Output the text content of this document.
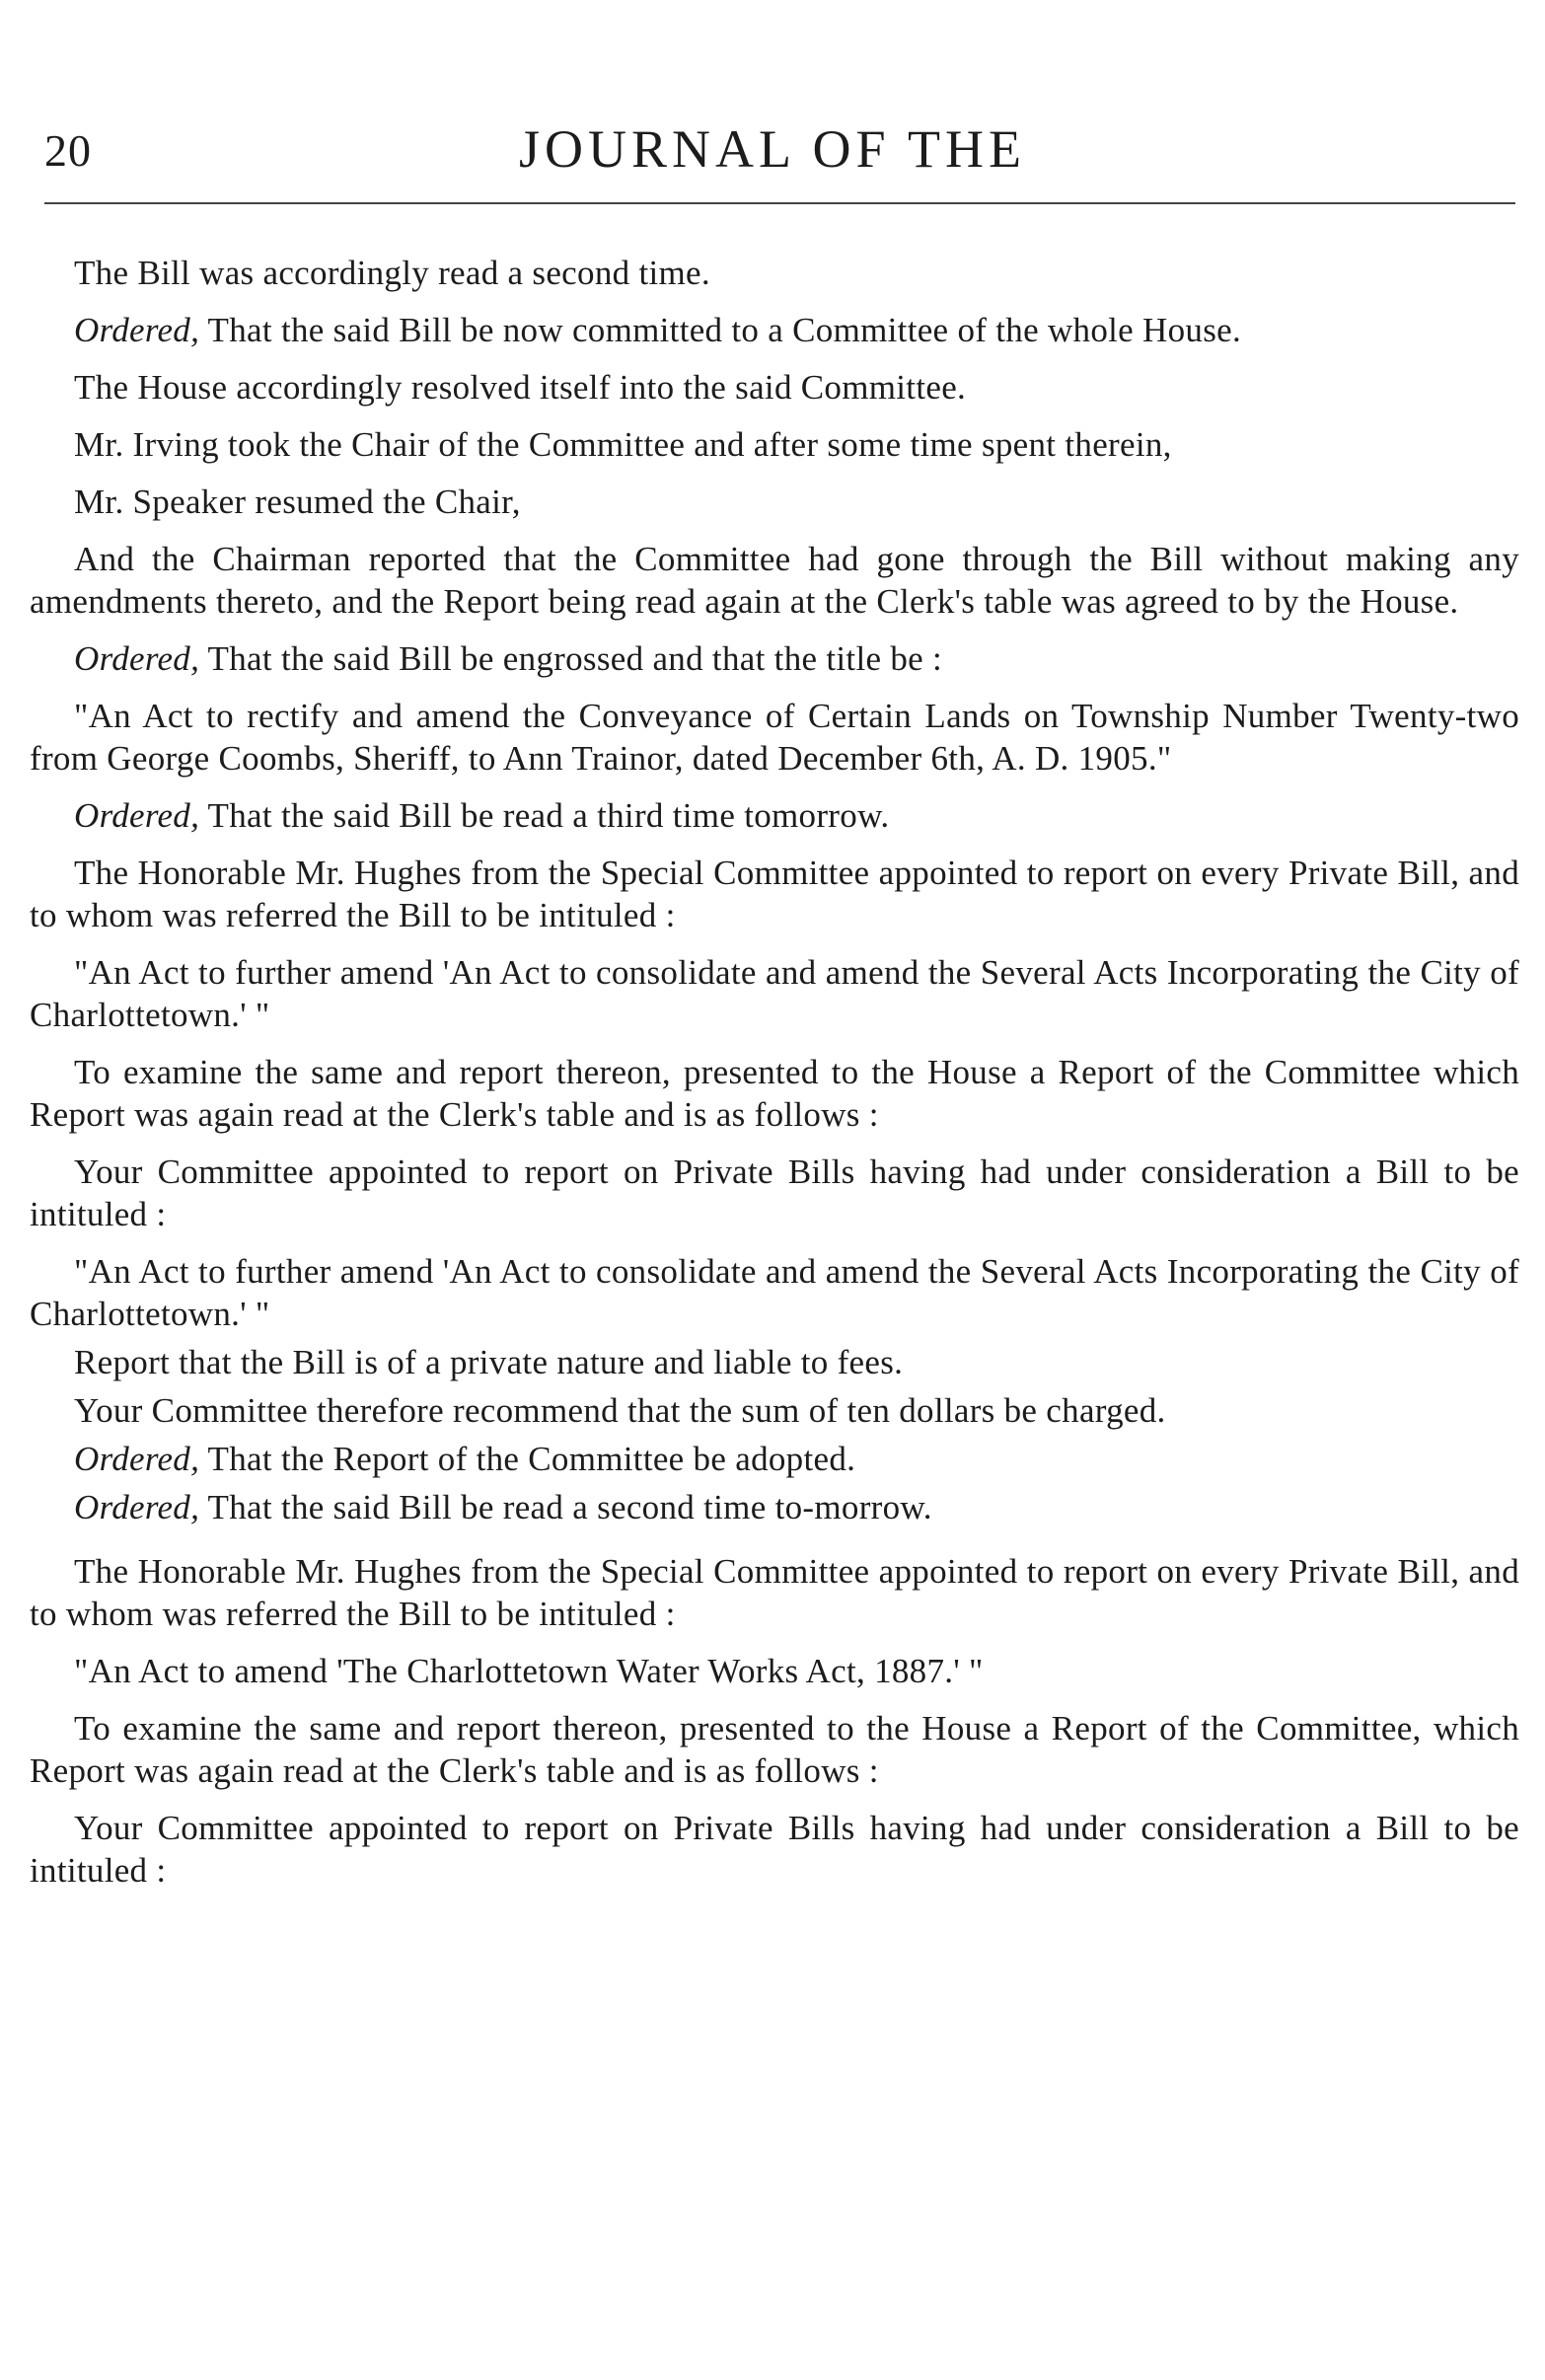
20	JOURNAL OF THE

The Bill was accordingly read a second time.

Ordered, That the said Bill be now committed to a Committee of the whole House.

The House accordingly resolved itself into the said Committee.

Mr. Irving took the Chair of the Committee and after some time spent therein,

Mr. Speaker resumed the Chair,

And the Chairman reported that the Committee had gone through the Bill without making any amendments thereto, and the Report being read again at the Clerk's table was agreed to by the House.

Ordered, That the said Bill be engrossed and that the title be :

"An Act to rectify and amend the Conveyance of Certain Lands on Township Number Twenty-two from George Coombs, Sheriff, to Ann Trainor, dated December 6th, A. D. 1905."

Ordered, That the said Bill be read a third time tomorrow.

The Honorable Mr. Hughes from the Special Committee appointed to report on every Private Bill, and to whom was referred the Bill to be intituled :

"An Act to further amend 'An Act to consolidate and amend the Several Acts Incorporating the City of Charlottetown.' "

To examine the same and report thereon, presented to the House a Report of the Committee which Report was again read at the Clerk's table and is as follows :

Your Committee appointed to report on Private Bills having had under consideration a Bill to be intituled :

"An Act to further amend 'An Act to consolidate and amend the Several Acts Incorporating the City of Charlottetown.' "

Report that the Bill is of a private nature and liable to fees.

Your Committee therefore recommend that the sum of ten dollars be charged.

Ordered, That the Report of the Committee be adopted.

Ordered, That the said Bill be read a second time to-morrow.

The Honorable Mr. Hughes from the Special Committee appointed to report on every Private Bill, and to whom was referred the Bill to be intituled :

"An Act to amend 'The Charlottetown Water Works Act, 1887.' "

To examine the same and report thereon, presented to the House a Report of the Committee, which Report was again read at the Clerk's table and is as follows :

Your Committee appointed to report on Private Bills having had under consideration a Bill to be intituled :
